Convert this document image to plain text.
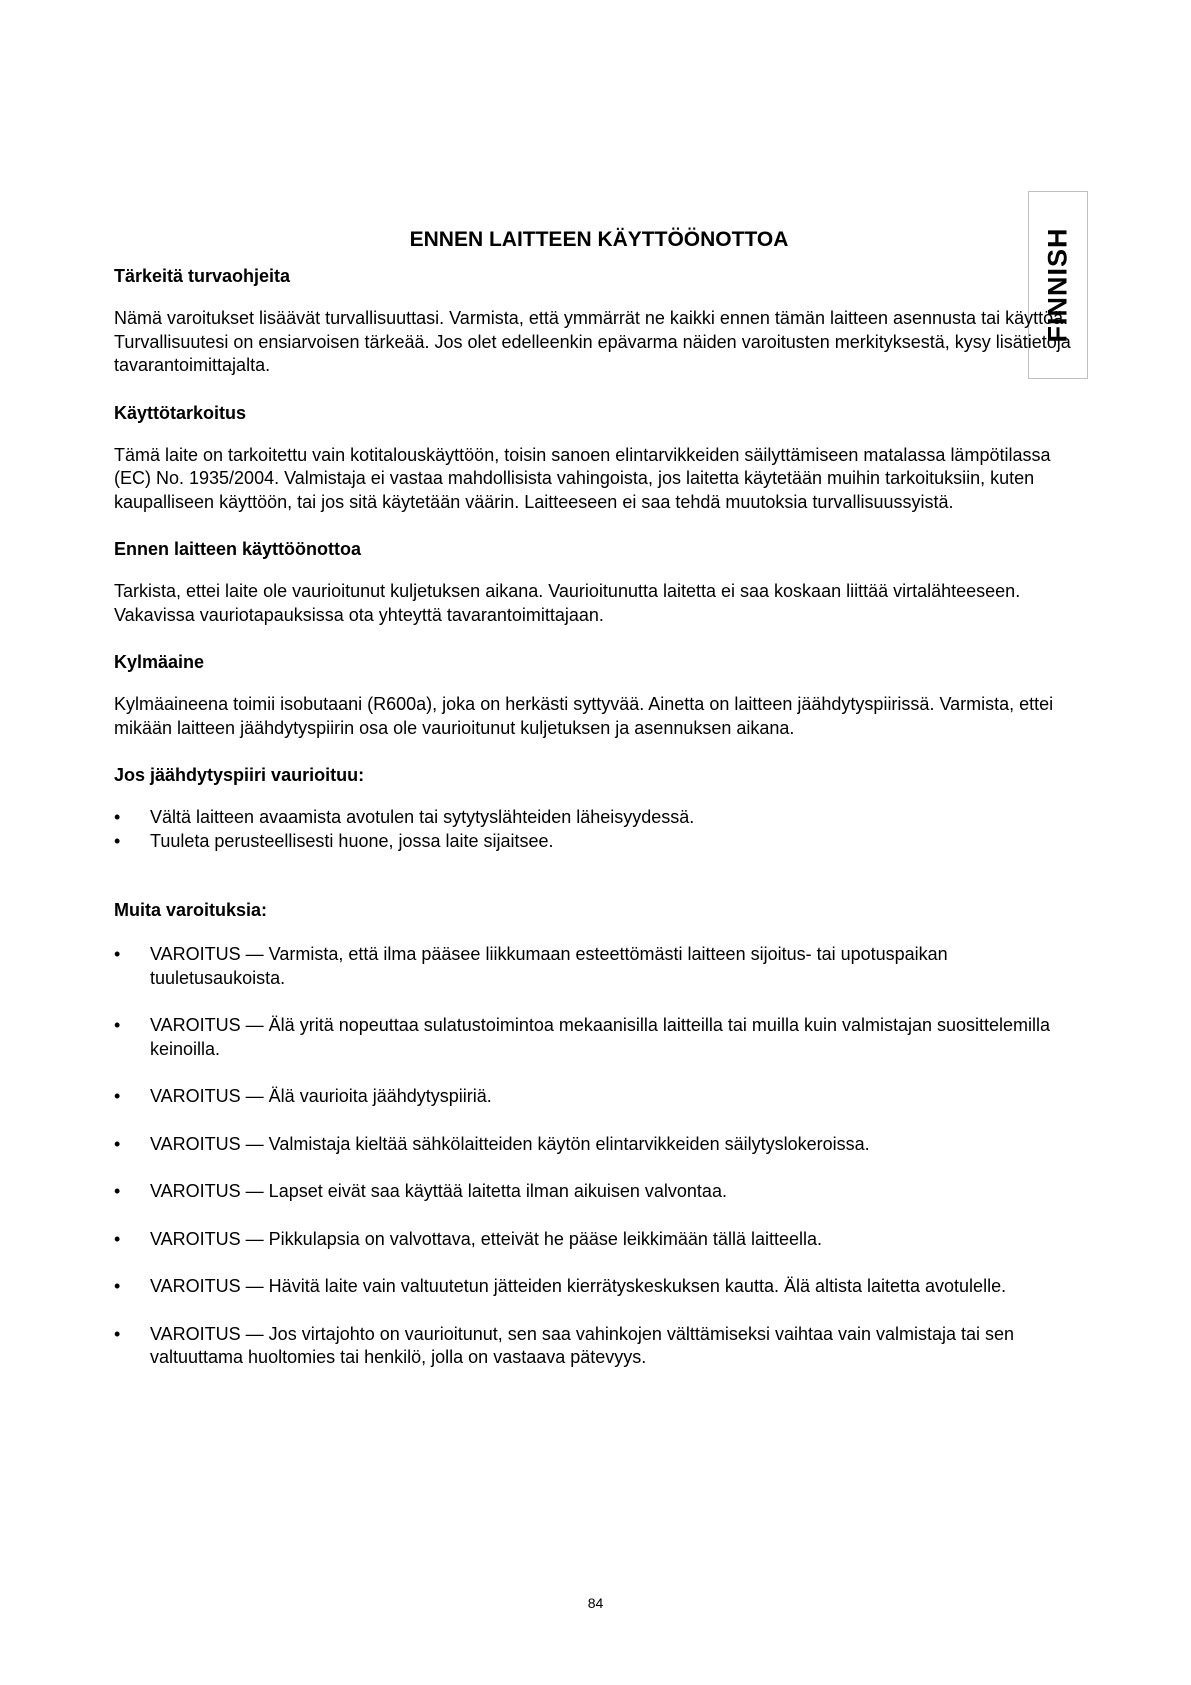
FINNISH
ENNEN LAITTEEN KÄYTTÖÖNOTTOA
Tärkeitä turvaohjeita

Nämä varoitukset lisäävät turvallisuuttasi. Varmista, että ymmärrät ne kaikki ennen tämän laitteen asennusta tai käyttöä. Turvallisuutesi on ensiarvoisen tärkeää. Jos olet edelleenkin epävarma näiden varoitusten merkityksestä, kysy lisätietoja tavarantoimittajalta.

Käyttötarkoitus

Tämä laite on tarkoitettu vain kotitalouskäyttöön, toisin sanoen elintarvikkeiden säilyttämiseen matalassa lämpötilassa (EC) No. 1935/2004. Valmistaja ei vastaa mahdollisista vahingoista, jos laitetta käytetään muihin tarkoituksiin, kuten kaupalliseen käyttöön, tai jos sitä käytetään väärin. Laitteeseen ei saa tehdä muutoksia turvallisuussyistä.

Ennen laitteen käyttöönottoa

Tarkista, ettei laite ole vaurioitunut kuljetuksen aikana. Vaurioitunutta laitetta ei saa koskaan liittää virtalähteeseen. Vakavissa vauriotapauksissa ota yhteyttä tavarantoimittajaan.

Kylmäaine

Kylmäaineena toimii isobutaani (R600a), joka on herkästi syttyvää. Ainetta on laitteen jäähdytyspiirissä. Varmista, ettei mikään laitteen jäähdytyspiirin osa ole vaurioitunut kuljetuksen ja asennuksen aikana.

Jos jäähdytyspiiri vaurioituu:
• Vältä laitteen avaamista avotulen tai sytytyslähteiden läheisyydessä.
• Tuuleta perusteellisesti huone, jossa laite sijaitsee.
Muita varoituksia:
• VAROITUS — Varmista, että ilma pääsee liikkumaan esteettömästi laitteen sijoitus- tai upotuspaikan tuuletusaukoista.
• VAROITUS — Älä yritä nopeuttaa sulatustoimintoa mekaanisilla laitteilla tai muilla kuin valmistajan suosittelemilla keinoilla.
• VAROITUS — Älä vaurioita jäähdytyspiiriä.
• VAROITUS — Valmistaja kieltää sähkölaitteiden käytön elintarvikkeiden säilytyslokeroissa.
• VAROITUS — Lapset eivät saa käyttää laitetta ilman aikuisen valvontaa.
• VAROITUS — Pikkulapsia on valvottava, etteivät he pääse leikkimään tällä laitteella.
• VAROITUS — Hävitä laite vain valtuutetun jätteiden kierrätyskeskuksen kautta. Älä altista laitetta avotulelle.
• VAROITUS — Jos virtajohto on vaurioitunut, sen saa vahinkojen välttämiseksi vaihtaa vain valmistaja tai sen valtuuttama huoltomies tai henkilö, jolla on vastaava pätevyys.
84
